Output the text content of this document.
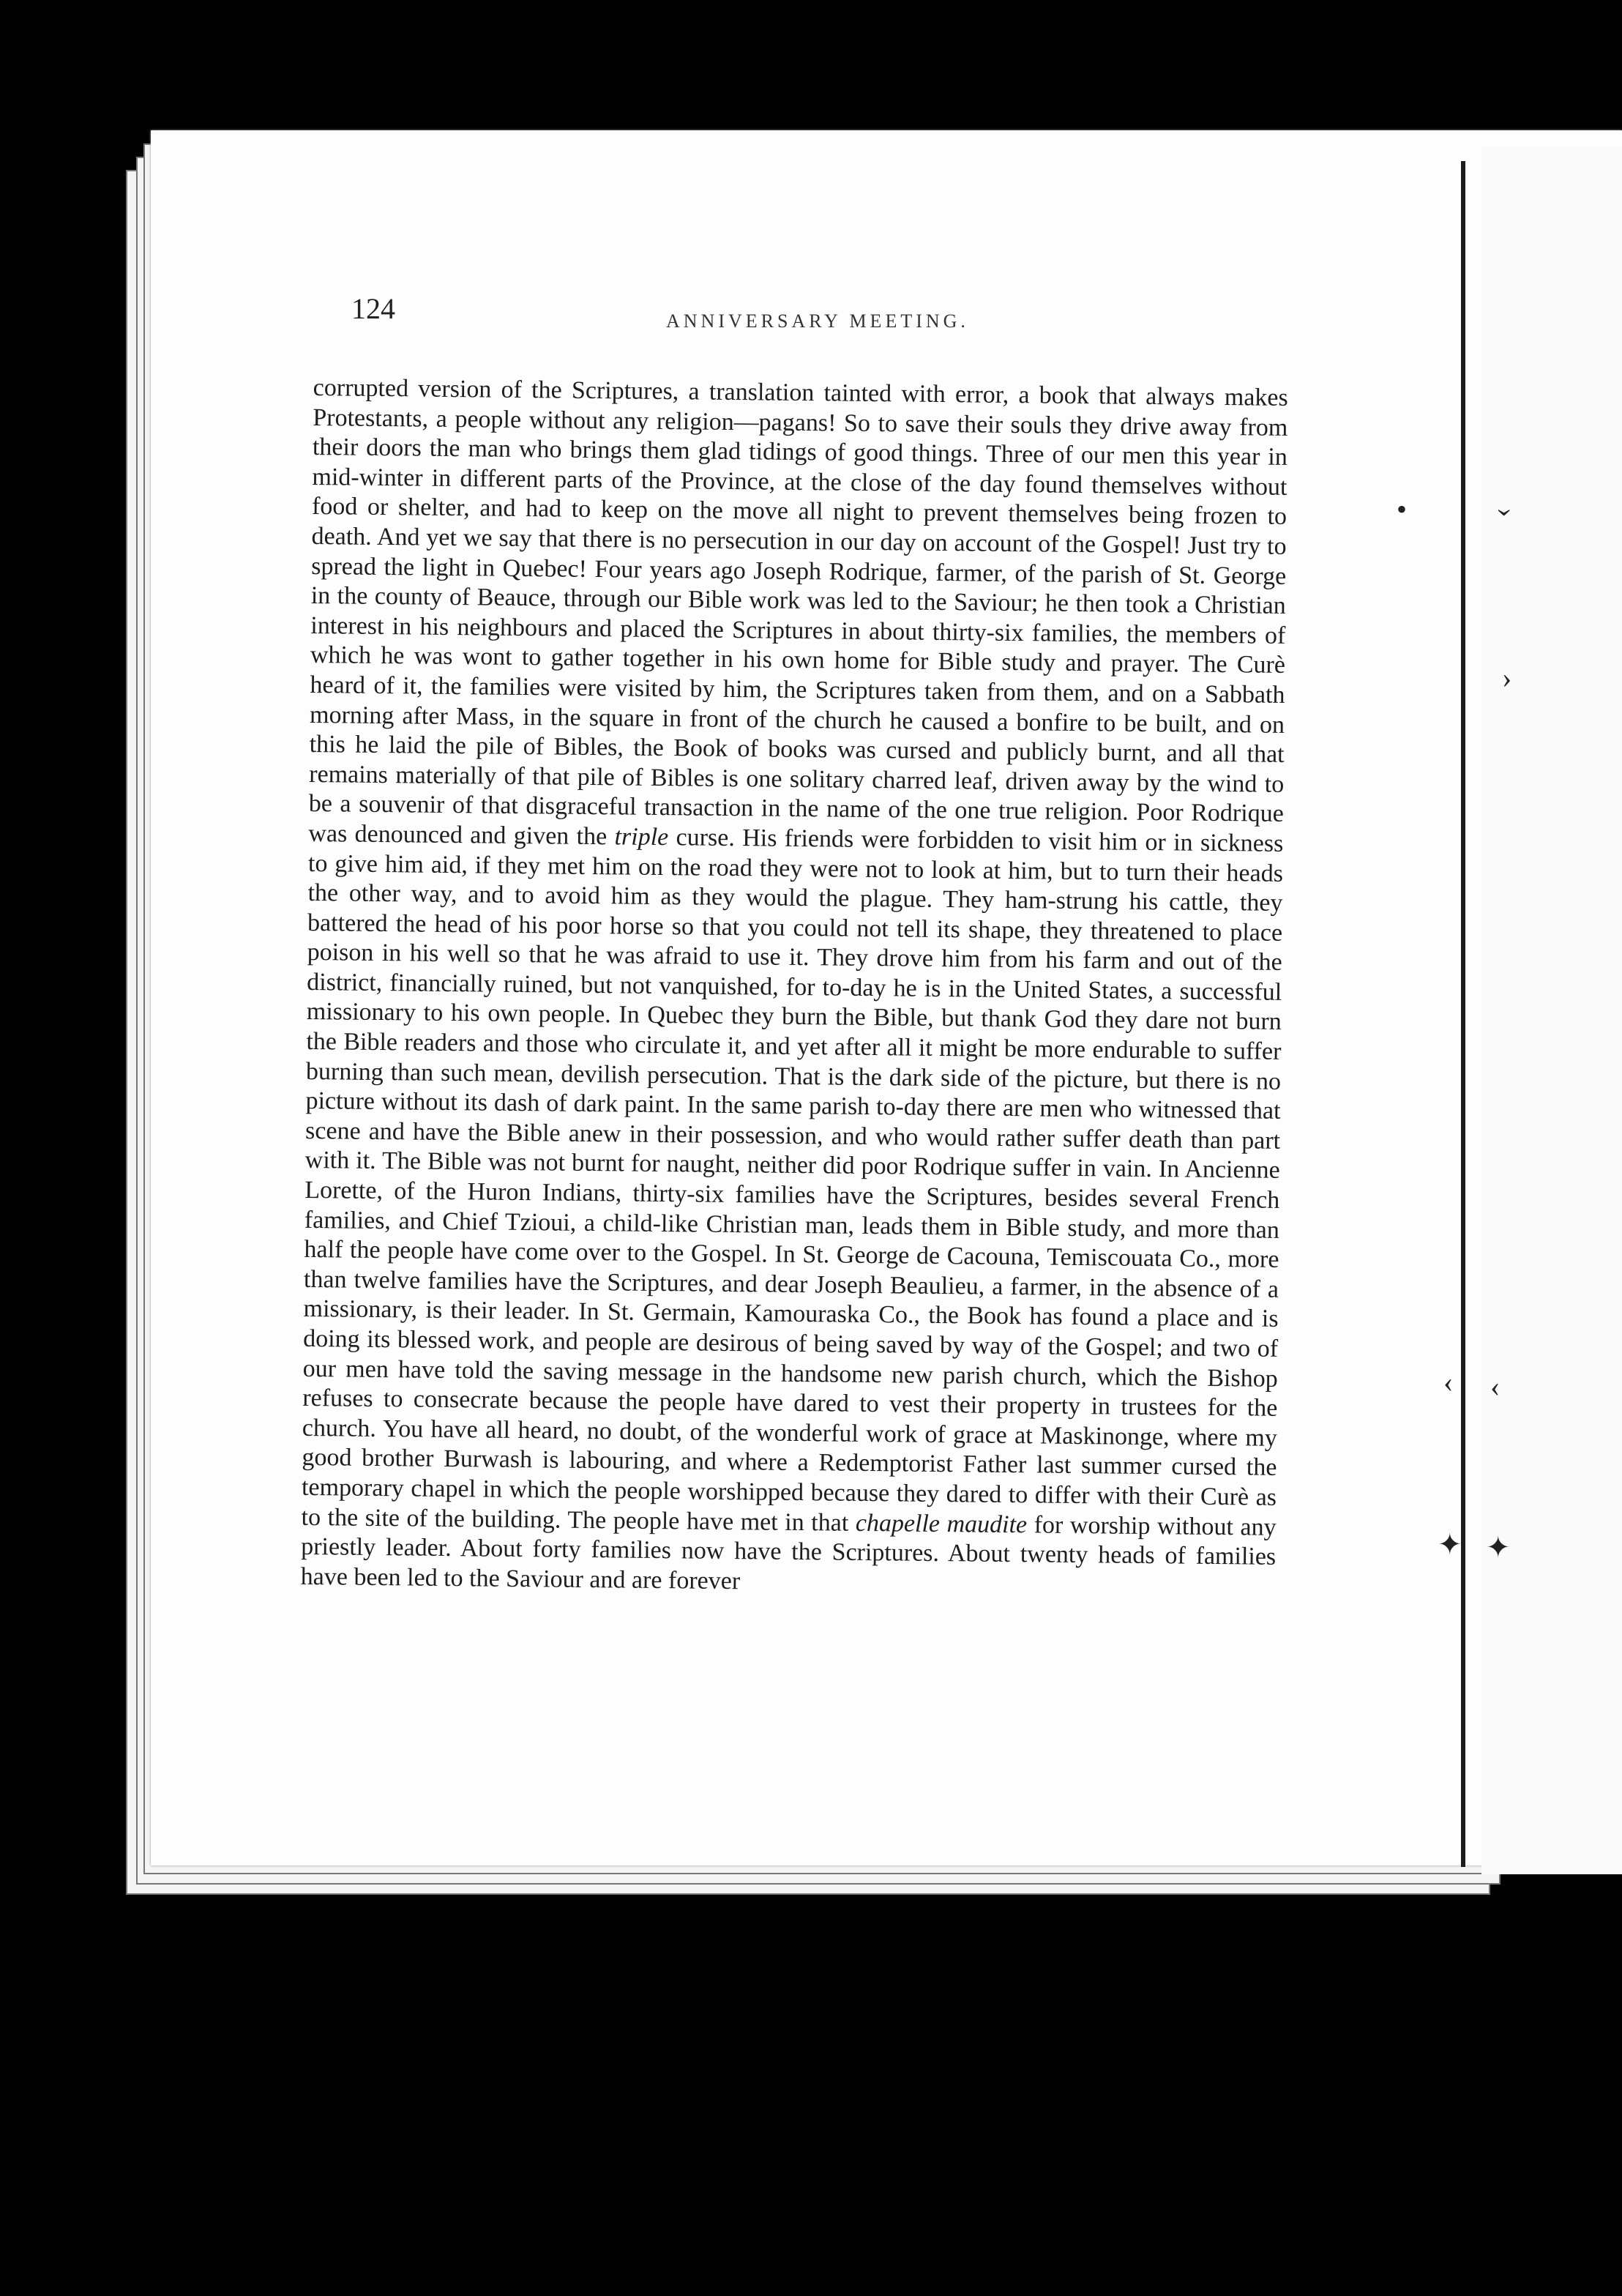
•	›
›
‹ ‹
✦ ✦
124	ANNIVERSARY MEETING.
corrupted version of the Scriptures, a translation tainted with error, a book that always makes Protestants, a people without any religion—pagans! So to save their souls they drive away from their doors the man who brings them glad tidings of good things. Three of our men this year in mid-winter in different parts of the Province, at the close of the day found themselves without food or shelter, and had to keep on the move all night to prevent themselves being frozen to death. And yet we say that there is no persecution in our day on account of the Gospel! Just try to spread the light in Quebec! Four years ago Joseph Rodrique, farmer, of the parish of St. George in the county of Beauce, through our Bible work was led to the Saviour; he then took a Christian interest in his neighbours and placed the Scriptures in about thirty-six families, the members of which he was wont to gather together in his own home for Bible study and prayer. The Curè heard of it, the families were visited by him, the Scriptures taken from them, and on a Sabbath morning after Mass, in the square in front of the church he caused a bonfire to be built, and on this he laid the pile of Bibles, the Book of books was cursed and publicly burnt, and all that remains materially of that pile of Bibles is one solitary charred leaf, driven away by the wind to be a souvenir of that disgraceful transaction in the name of the one true religion. Poor Rodrique was denounced and given the triple curse. His friends were forbidden to visit him or in sickness to give him aid, if they met him on the road they were not to look at him, but to turn their heads the other way, and to avoid him as they would the plague. They ham-strung his cattle, they battered the head of his poor horse so that you could not tell its shape, they threatened to place poison in his well so that he was afraid to use it. They drove him from his farm and out of the district, financially ruined, but not vanquished, for to-day he is in the United States, a successful missionary to his own people. In Quebec they burn the Bible, but thank God they dare not burn the Bible readers and those who circulate it, and yet after all it might be more endurable to suffer burning than such mean, devilish persecution. That is the dark side of the picture, but there is no picture without its dash of dark paint. In the same parish to-day there are men who witnessed that scene and have the Bible anew in their possession, and who would rather suffer death than part with it. The Bible was not burnt for naught, neither did poor Rodrique suffer in vain. In Ancienne Lorette, of the Huron Indians, thirty-six families have the Scriptures, besides several French families, and Chief Tzioui, a child-like Christian man, leads them in Bible study, and more than half the people have come over to the Gospel. In St. George de Cacouna, Temiscouata Co., more than twelve families have the Scriptures, and dear Joseph Beaulieu, a farmer, in the absence of a missionary, is their leader. In St. Germain, Kamouraska Co., the Book has found a place and is doing its blessed work, and people are desirous of being saved by way of the Gospel; and two of our men have told the saving message in the handsome new parish church, which the Bishop refuses to consecrate because the people have dared to vest their property in trustees for the church. You have all heard, no doubt, of the wonderful work of grace at Maskinonge, where my good brother Burwash is labouring, and where a Redemptorist Father last summer cursed the temporary chapel in which the people worshipped because they dared to differ with their Curè as to the site of the building. The people have met in that chapelle maudite for worship without any priestly leader. About forty families now have the Scriptures. About twenty heads of families have been led to the Saviour and are forever
